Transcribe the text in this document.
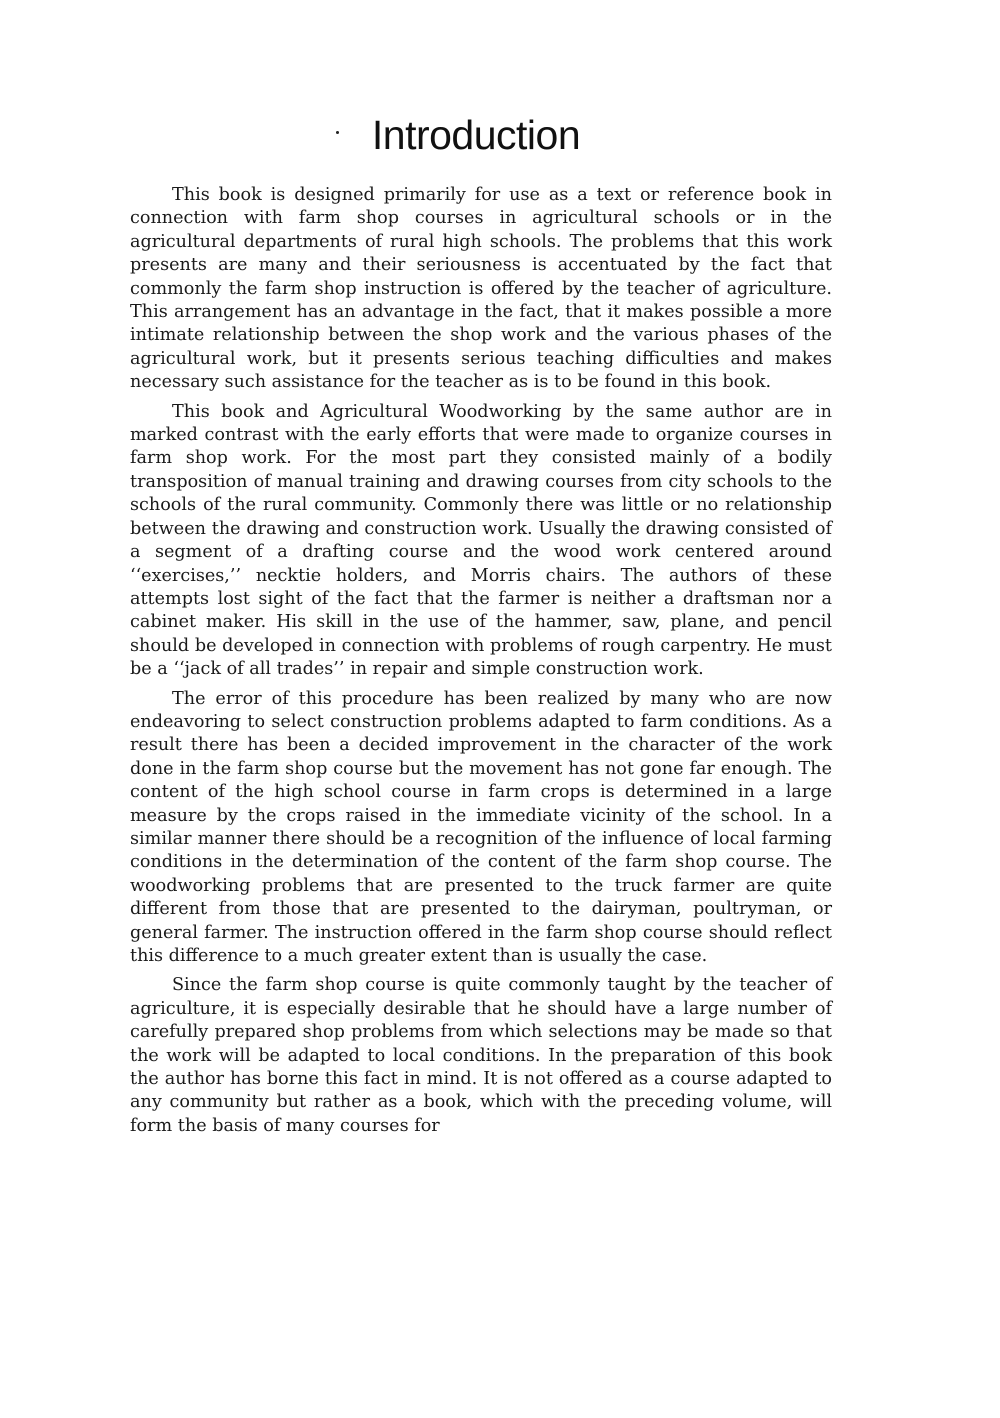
Introduction

This book is designed primarily for use as a text or reference book in connection with farm shop courses in agricultural schools or in the agricultural departments of rural high schools. The problems that this work presents are many and their seriousness is accentuated by the fact that commonly the farm shop instruction is offered by the teacher of agriculture. This arrangement has an advantage in the fact, that it makes possible a more intimate relationship between the shop work and the various phases of the agricultural work, but it presents serious teaching difficulties and makes necessary such assistance for the teacher as is to be found in this book.

This book and Agricultural Woodworking by the same author are in marked contrast with the early efforts that were made to organize courses in farm shop work. For the most part they consisted mainly of a bodily transposition of manual training and drawing courses from city schools to the schools of the rural community. Commonly there was little or no relationship between the drawing and construction work. Usually the drawing consisted of a segment of a drafting course and the wood work centered around ‘‘exercises,’’ necktie holders, and Morris chairs. The authors of these attempts lost sight of the fact that the farmer is neither a draftsman nor a cabinet maker. His skill in the use of the hammer, saw, plane, and pencil should be developed in connection with problems of rough carpentry. He must be a ‘‘jack of all trades’’ in repair and simple construction work.

The error of this procedure has been realized by many who are now endeavoring to select construction problems adapted to farm conditions. As a result there has been a decided improvement in the character of the work done in the farm shop course but the movement has not gone far enough. The content of the high school course in farm crops is determined in a large measure by the crops raised in the immediate vicinity of the school. In a similar manner there should be a recognition of the influence of local farming conditions in the determination of the content of the farm shop course. The woodworking problems that are presented to the truck farmer are quite different from those that are presented to the dairyman, poultryman, or general farmer. The instruction offered in the farm shop course should reflect this difference to a much greater extent than is usually the case.

Since the farm shop course is quite commonly taught by the teacher of agriculture, it is especially desirable that he should have a large number of carefully prepared shop problems from which selections may be made so that the work will be adapted to local conditions. In the preparation of this book the author has borne this fact in mind. It is not offered as a course adapted to any community but rather as a book, which with the preceding volume, will form the basis of many courses for
